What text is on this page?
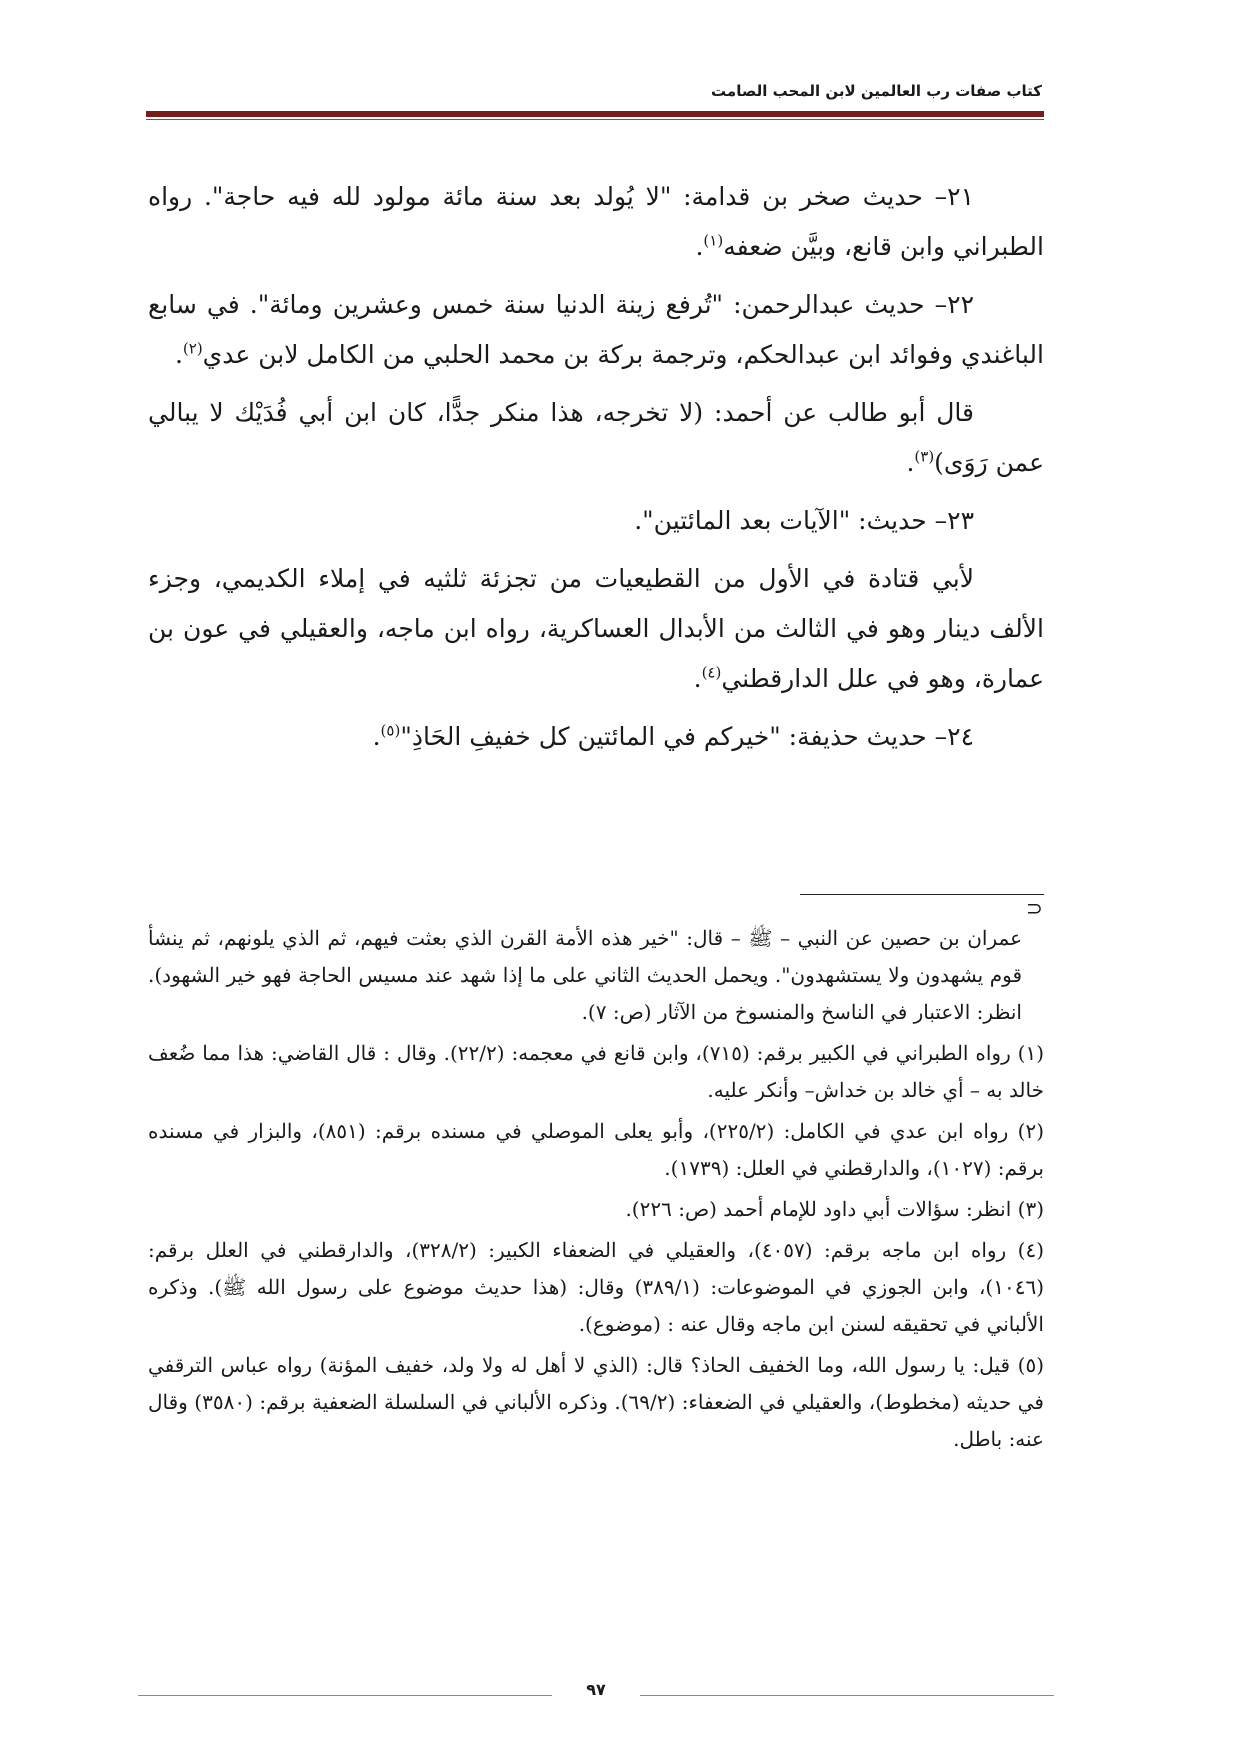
كتاب صفات رب العالمين لابن المحب الصامت

٢١– حديث صخر بن قدامة: "لا يُولد بعد سنة مائة مولود لله فيه حاجة". رواه الطبراني وابن قانع، وبيَّن ضعفه$^{(١)}$.

٢٢– حديث عبدالرحمن: "تُرفع زينة الدنيا سنة خمس وعشرين ومائة". في سابع الباغندي وفوائد ابن عبدالحكم، وترجمة بركة بن محمد الحلبي من الكامل لابن عدي$^{(٢)}$.

قال أبو طالب عن أحمد: (لا تخرجه، هذا منكر جدًّا، كان ابن أبي فُدَيْك لا يبالي عمن رَوَى)$^{(٣)}$.

٢٣– حديث: "الآيات بعد المائتين".

لأبي قتادة في الأول من القطيعيات من تجزئة ثلثيه في إملاء الكديمي، وجزء الألف دينار وهو في الثالث من الأبدال العساكرية، رواه ابن ماجه، والعقيلي في عون بن عمارة، وهو في علل الدارقطني$^{(٤)}$.

٢٤– حديث حذيفة: "خيركم في المائتين كل خفيفِ الحَاذِ"$^{(٥)}$.

⊃
عمران بن حصين عن النبي – ﷺ – قال: "خير هذه الأمة القرن الذي بعثت فيهم، ثم الذي يلونهم، ثم ينشأ قوم يشهدون ولا يستشهدون". ويحمل الحديث الثاني على ما إذا شهد عند مسيس الحاجة فهو خير الشهود). انظر: الاعتبار في الناسخ والمنسوخ من الآثار (ص: ٧).
(١) رواه الطبراني في الكبير برقم: (٧١٥)، وابن قانع في معجمه: (٢٢/٢). وقال : قال القاضي: هذا مما ضُعف خالد به – أي خالد بن خداش– وأنكر عليه.
(٢) رواه ابن عدي في الكامل: (٢٢٥/٢)، وأبو يعلى الموصلي في مسنده برقم: (٨٥١)، والبزار في مسنده برقم: (١٠٢٧)، والدارقطني في العلل: (١٧٣٩).
(٣) انظر: سؤالات أبي داود للإمام أحمد (ص: ٢٢٦).
(٤) رواه ابن ماجه برقم: (٤٠٥٧)، والعقيلي في الضعفاء الكبير: (٣٢٨/٢)، والدارقطني في العلل برقم: (١٠٤٦)، وابن الجوزي في الموضوعات: (٣٨٩/١) وقال: (هذا حديث موضوع على رسول الله ﷺ). وذكره الألباني في تحقيقه لسنن ابن ماجه وقال عنه : (موضوع).
(٥) قيل: يا رسول الله، وما الخفيف الحاذ؟ قال: (الذي لا أهل له ولا ولد، خفيف المؤنة) رواه عباس الترقفي في حديثه (مخطوط)، والعقيلي في الضعفاء: (٦٩/٢). وذكره الألباني في السلسلة الضعفية برقم: (٣٥٨٠) وقال عنه: باطل.
٩٧
